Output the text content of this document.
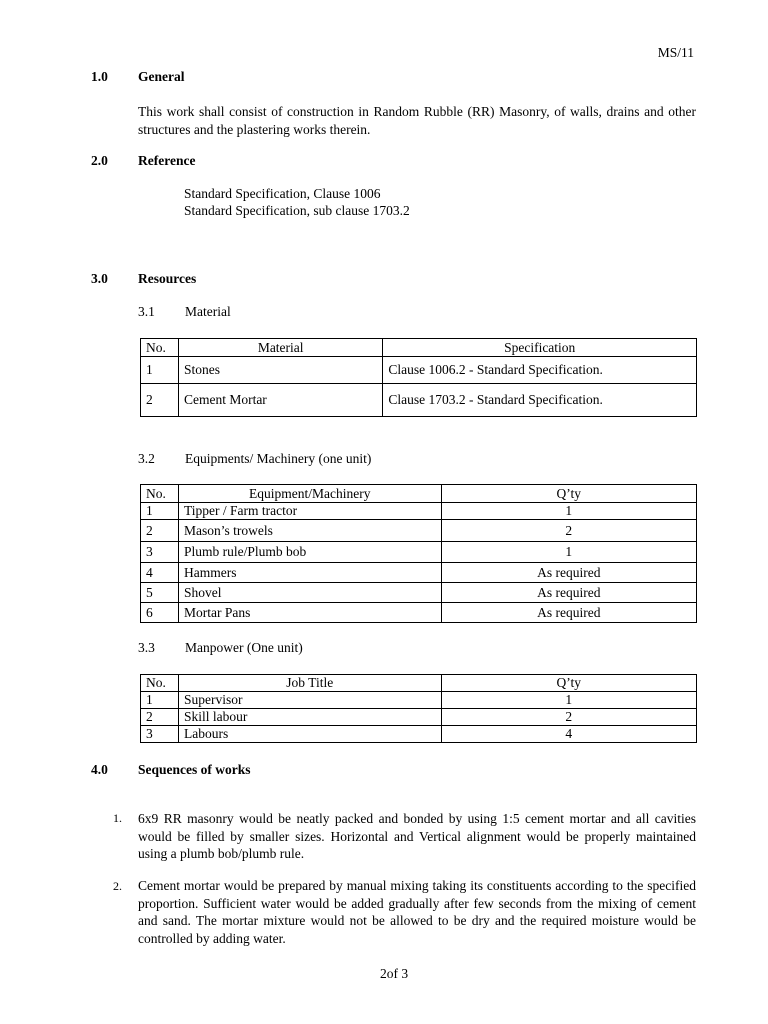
MS/11
1.0 General
This work shall consist of construction in Random Rubble (RR) Masonry, of walls, drains and other structures and the plastering works therein.
2.0 Reference
Standard Specification, Clause 1006
Standard Specification, sub clause 1703.2
3.0 Resources
3.1 Material
No.	Material	Specification
1	Stones	Clause 1006.2 - Standard Specification.
2	Cement Mortar	Clause 1703.2 - Standard Specification.
3.2 Equipments/ Machinery (one unit)
No.	Equipment/Machinery	Q’ty
1	Tipper / Farm tractor	1
2	Mason’s trowels	2
3	Plumb rule/Plumb bob	1
4	Hammers	As required
5	Shovel	As required
6	Mortar Pans	As required
3.3 Manpower (One unit)
No.	Job Title	Q’ty
1	Supervisor	1
2	Skill labour	2
3	Labours	4
4.0 Sequences of works
1. 6x9 RR masonry would be neatly packed and bonded by using 1:5 cement mortar and all cavities would be filled by smaller sizes. Horizontal and Vertical alignment would be properly maintained using a plumb bob/plumb rule.
2. Cement mortar would be prepared by manual mixing taking its constituents according to the specified proportion. Sufficient water would be added gradually after few seconds from the mixing of cement and sand. The mortar mixture would not be allowed to be dry and the required moisture would be controlled by adding water.
2of 3
